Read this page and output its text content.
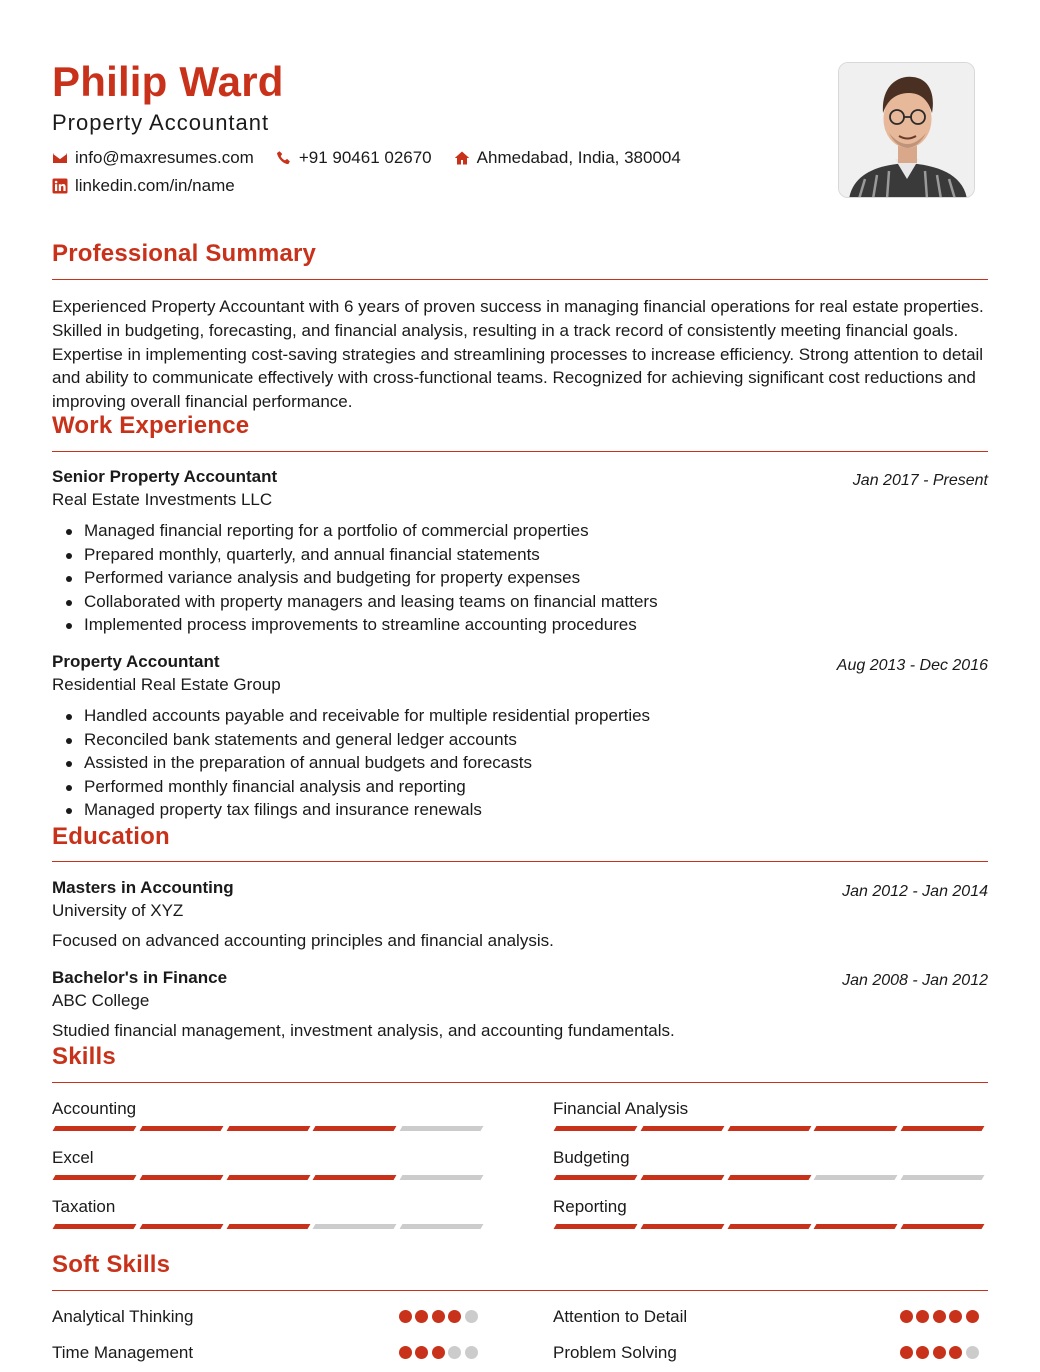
Philip Ward
Property Accountant
info@maxresumes.com	+91 90461 02670	Ahmedabad, India, 380004
linkedin.com/in/name
Professional Summary
Experienced Property Accountant with 6 years of proven success in managing financial operations for real estate properties. Skilled in budgeting, forecasting, and financial analysis, resulting in a track record of consistently meeting financial goals. Expertise in implementing cost-saving strategies and streamlining processes to increase efficiency. Strong attention to detail and ability to communicate effectively with cross-functional teams. Recognized for achieving significant cost reductions and improving overall financial performance.
Work Experience
Senior Property Accountant	Jan 2017 - Present
Real Estate Investments LLC
Managed financial reporting for a portfolio of commercial properties
Prepared monthly, quarterly, and annual financial statements
Performed variance analysis and budgeting for property expenses
Collaborated with property managers and leasing teams on financial matters
Implemented process improvements to streamline accounting procedures
Property Accountant	Aug 2013 - Dec 2016
Residential Real Estate Group
Handled accounts payable and receivable for multiple residential properties
Reconciled bank statements and general ledger accounts
Assisted in the preparation of annual budgets and forecasts
Performed monthly financial analysis and reporting
Managed property tax filings and insurance renewals
Education
Masters in Accounting	Jan 2012 - Jan 2014
University of XYZ
Focused on advanced accounting principles and financial analysis.
Bachelor's in Finance	Jan 2008 - Jan 2012
ABC College
Studied financial management, investment analysis, and accounting fundamentals.
Skills
Accounting	Financial Analysis
Excel	Budgeting
Taxation	Reporting
Soft Skills
Analytical Thinking	Attention to Detail
Time Management	Problem Solving
